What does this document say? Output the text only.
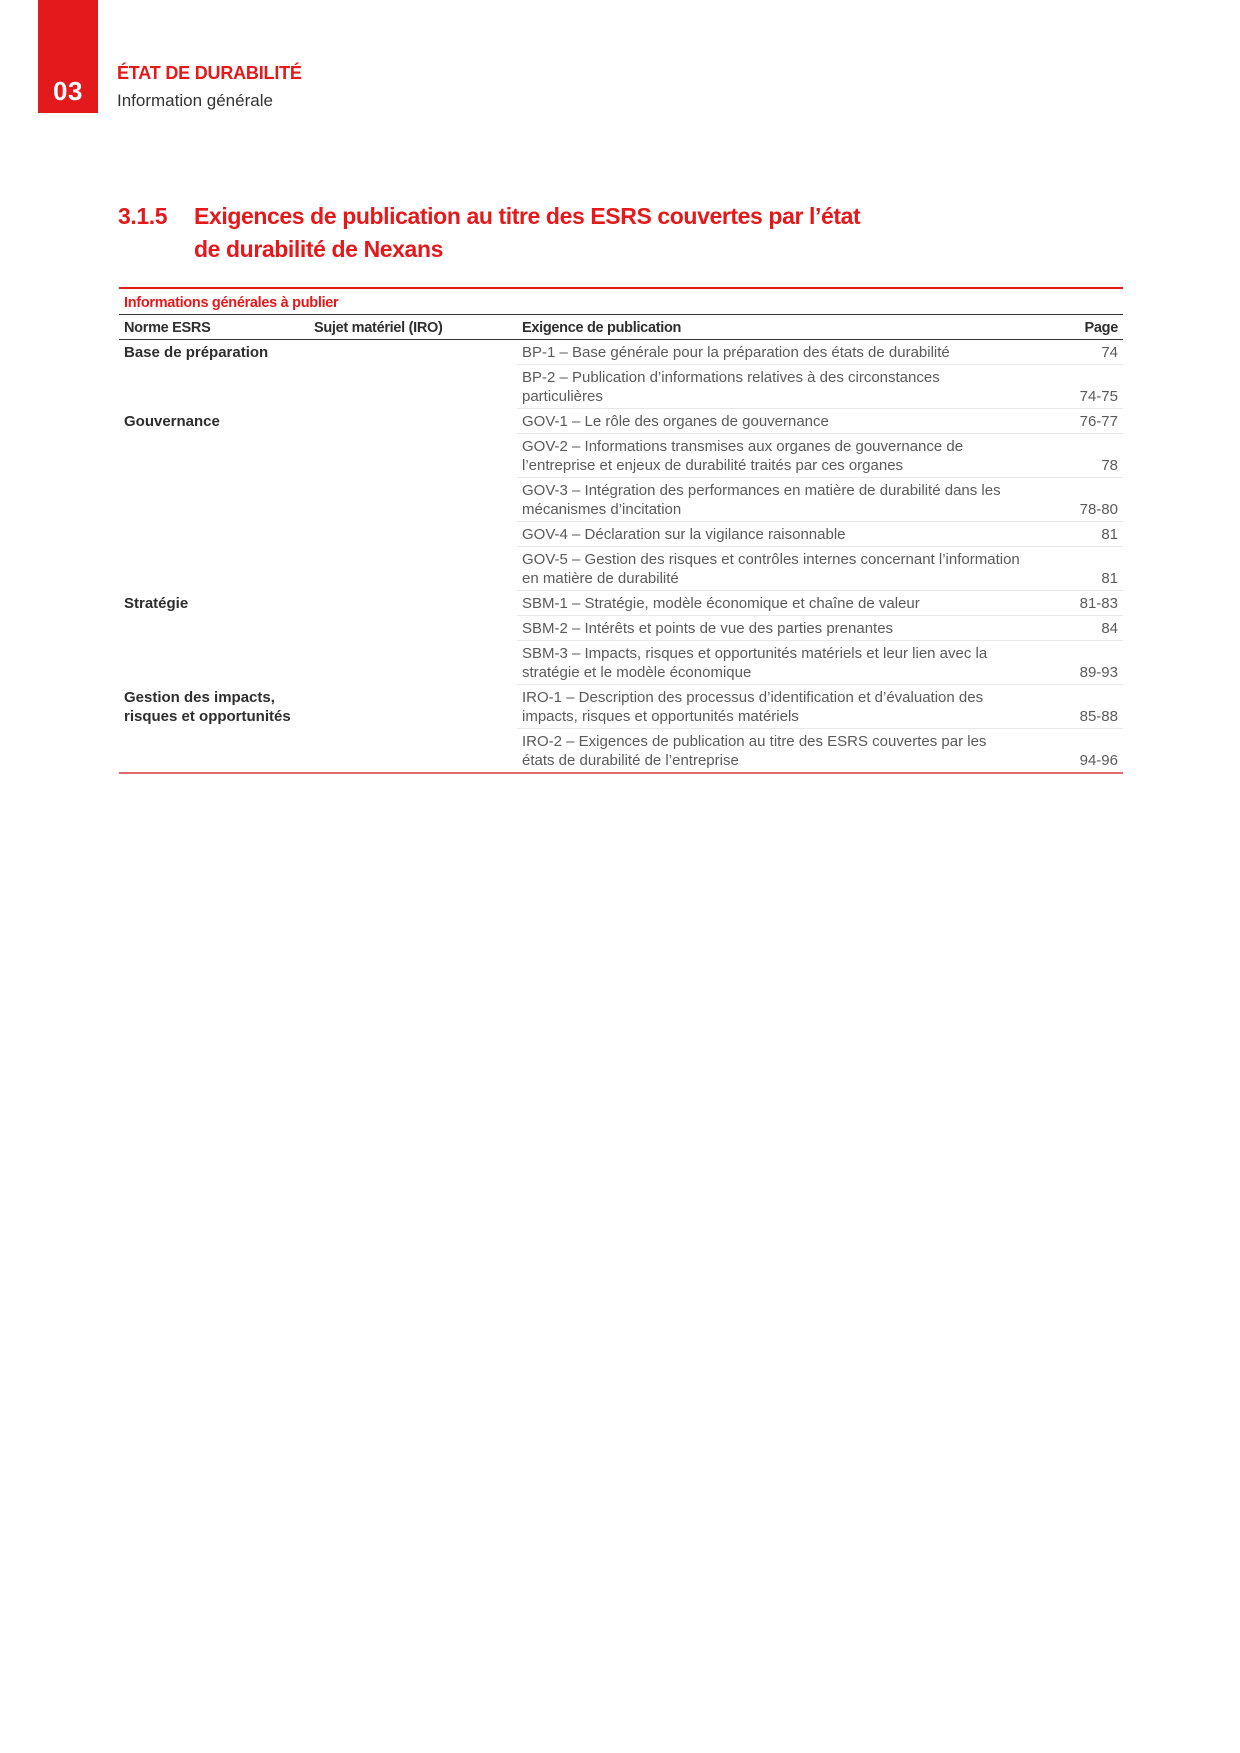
03
ÉTAT DE DURABILITÉ
Information générale
3.1.5	Exigences de publication au titre des ESRS couvertes par l’état
de durabilité de Nexans
Informations générales à publier			
Norme ESRS	Sujet matériel (IRO)	Exigence de publication	Page
Base de préparation		BP-1 – Base générale pour la préparation des états de durabilité	74
		BP-2 – Publication d’informations relatives à des circonstances particulières	74-75
Gouvernance		GOV-1 – Le rôle des organes de gouvernance	76-77
		GOV-2 – Informations transmises aux organes de gouvernance de l’entreprise et enjeux de durabilité traités par ces organes	78
		GOV-3 – Intégration des performances en matière de durabilité dans les mécanismes d’incitation	78-80
		GOV-4 – Déclaration sur la vigilance raisonnable	81
		GOV-5 – Gestion des risques et contrôles internes concernant l’information en matière de durabilité	81
Stratégie		SBM-1 – Stratégie, modèle économique et chaîne de valeur	81-83
		SBM-2 – Intérêts et points de vue des parties prenantes	84
		SBM-3 – Impacts, risques et opportunités matériels et leur lien avec la stratégie et le modèle économique	89-93
Gestion des impacts, risques et opportunités		IRO-1 – Description des processus d’identification et d’évaluation des impacts, risques et opportunités matériels	85-88
		IRO-2 – Exigences de publication au titre des ESRS couvertes par les états de durabilité de l’entreprise	94-96
